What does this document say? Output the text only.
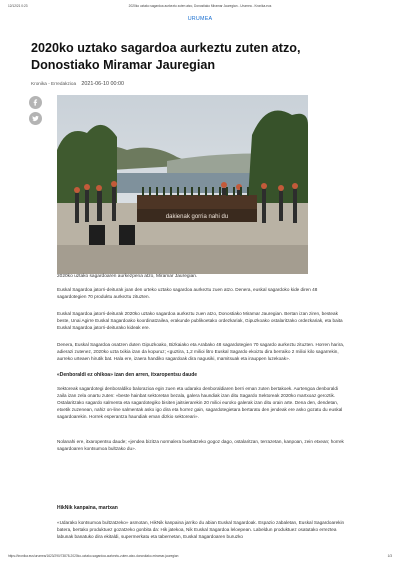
12/12/21 0:23	2020ko uztako sagardoa aurkeztu zuten atzo, Donostiako Miramar Jauregian - Urumea - Kronika.eus
URUMEA
2020ko uztako sagardoa aurkeztu zuten atzo, Donostiako Miramar Jauregian
Kronika - Erredakzioa 2021-06-10 00:00
dakienak gorria nahi du
2020ko uztako sagardoaren aurkezpena atzo, Miramar Jauregian.

Euskal Sagardoa jatorri-deiturak joan den urteko uztako sagardoa aurkeztu zuen atzo. Denera, euskal sagardoko kide diren 48 sagardotegien 70 produktu aurkeztu zituzten.

Euskal Sagardoa jatorri-deiturak 2020ko uztako sagardoa aurkeztu zuen atzo, Donostiako Miramar Jauregian. Bertan izan ziren, besteak beste, Unai Agirre Euskal Sagardoako koordinatzailea, erakunde publikoetako ordezkariak, Gipuzkoako ostalaritzako ordezkariak, eta baita Euskal Sagardoa jatorri-deiturako kideak ere.

Denera, Euskal Sagardoa osatzen duten Gipuzkoako, Bizkaiako eta Arabako 48 sagardotegien 70 sagardo aurkeztu zituzten. Horren harira, adierazi zutenez, 2020ko uzta txikia izan da kopuruz; «guztira, 1,2 milioi litro Euskal Sagardo ekoiztu dira berraiko 2 milioi kilo sagarrekin, aurreko urteaen hirutik bat. Hala ere, izaera handiko sagardoak dira nagusiki, mamitsuak eta irauppen luzekoak».

«Denboraldi ez ohikoa» izan den arren, itxaropentsu daude

Sektoreak sagardotegi denboraldiko balorazioa egin zuen eta udarako denboraldiaren berri eman zuten bertakoek. Aurtengoa denboraldi zaila izan zela onartu zuten: «beste hainbat sektoretan bezala, galera haundiak izan ditu Sagardo Sektoreak 2020ko martxoaz geroztik. Ostalaritzako sagardo salmenta eta sagardotegiko bisiten jaitsierarekin 20 milioi euroko galerak izan ditu orain arte. Dena den, dendetan, etxetik zuzenean, nahiz on-line salmentak asko igo dira eta horrez gain, sagardotegietara bertaratu den jendeak ere asko gozatu du euskal sagardoarekin. Horrek esperantza haundiak eman dizkio sektoreari».

Nolanahi ere, itxaropentsu daude; «jendea bizitza normalera bueltatzeko gogoz dago, ostalaritzan, terrazetan, kanpoan, zein etxean; horrek sagardoaren kontsumoa bultzako du».

HikNik kanpaina, martxan

«Udarako kontsumoa bultzatzeko» asmotan, HikNik kanpaina jarriko du abian Euskal Sagardoak. Espazio zabaletan, Euskal Sagardoarekin batera, bertako produktuez gozatzeko gonbita da: Hik jatekoa, Nik Euskal Sagardoa leloepean. Labeldun produktuez osatutako erreztea labunak banatuko dira ekitaldi, supermerkatu eta tabernetan, Euskal Sagardoaren buruzko

https://kronika.eus/urumea/1623/290/73878-2020ko-uztako-sagardoa-aurkeztu-zuten-atzo-donostiako-miramar-jauregian	1/3
